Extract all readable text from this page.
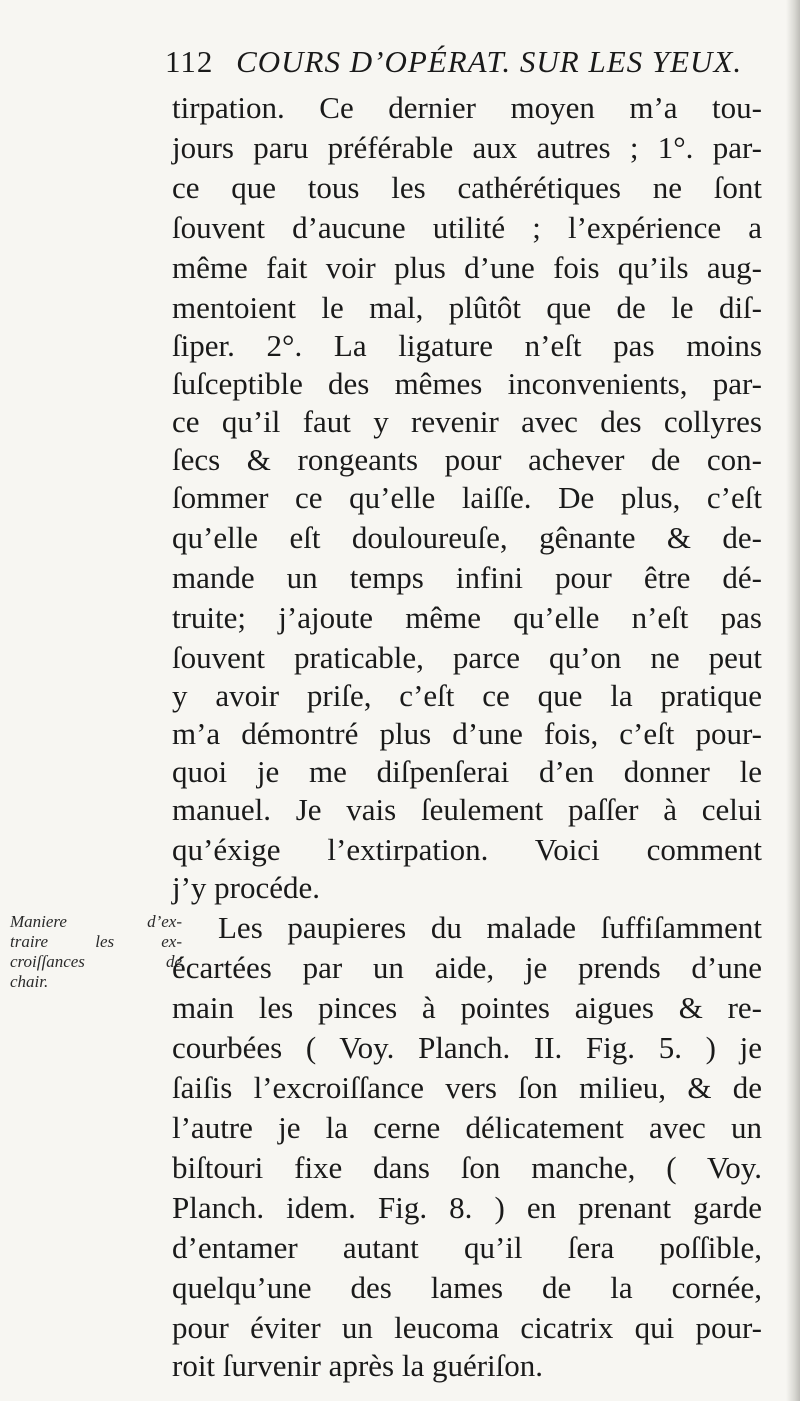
112 COURS D’OPÉRAT. SUR LES YEUX.
Maniere d’ex-
traire les ex-
croiſſances de
chair.
tirpation. Ce dernier moyen m’a tou-
jours paru préférable aux autres ; 1°. par-
ce que tous les cathérétiques ne ſont
ſouvent d’aucune utilité ; l’expérience a
même fait voir plus d’une fois qu’ils aug-
mentoient le mal, plûtôt que de le diſ-
ſiper. 2°. La ligature n’eſt pas moins
ſuſceptible des mêmes inconvenients, par-
ce qu’il faut y revenir avec des collyres
ſecs & rongeants pour achever de con-
ſommer ce qu’elle laiſſe. De plus, c’eſt
qu’elle eſt douloureuſe, gênante & de-
mande un temps infini pour être dé-
truite; j’ajoute même qu’elle n’eſt pas
ſouvent praticable, parce qu’on ne peut
y avoir priſe, c’eſt ce que la pratique
m’a démontré plus d’une fois, c’eſt pour-
quoi je me diſpenſerai d’en donner le
manuel. Je vais ſeulement paſſer à celui
qu’éxige l’extirpation. Voici comment
j’y procéde.
Les paupieres du malade ſuffiſamment
écartées par un aide, je prends d’une
main les pinces à pointes aigues & re-
courbées ( Voy. Planch. II. Fig. 5. ) je
ſaiſis l’excroiſſance vers ſon milieu, & de
l’autre je la cerne délicatement avec un
biſtouri fixe dans ſon manche, ( Voy.
Planch. idem. Fig. 8. ) en prenant garde
d’entamer autant qu’il ſera poſſible,
quelqu’une des lames de la cornée,
pour éviter un leucoma cicatrix qui pour-
roit ſurvenir après la guériſon.
